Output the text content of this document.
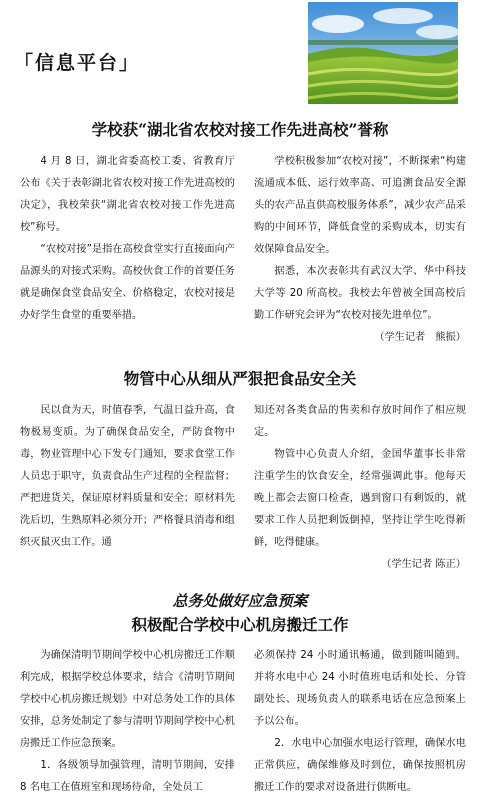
「信息平台」
学校获“湖北省农校对接工作先进高校”誉称

4 月 8 日，湖北省委高校工委、省教育厅公布《关于表彰湖北省农校对接工作先进高校的决定》，我校荣获“湖北省农校对接工作先进高校”称号。

“农校对接”是指在高校食堂实行直接面向产品源头的对接式采购。高校伙食工作的首要任务就是确保食堂食品安全、价格稳定，农校对接是办好学生食堂的重要举措。

学校积极参加“农校对接”，不断探索“构建流通成本低、运行效率高、可追溯食品安全源头的农产品直供高校服务体系”，减少农产品采购的中间环节，降低食堂的采购成本，切实有效保障食品安全。

据悉，本次表彰共有武汉大学、华中科技大学等 20 所高校。我校去年曾被全国高校后勤工作研究会评为“农校对接先进单位”。

（学生记者　熊振）

物管中心从细从严狠把食品安全关

民以食为天，时值春季，气温日益升高，食物极易变质。为了确保食品安全，严防食物中毒，物业管理中心下发专门通知，要求食堂工作人员忠于职守，负责食品生产过程的全程监督；严把进货关，保证原材料质量和安全；原材料先洗后切，生熟原料必须分开；严格餐具消毒和组织灭鼠灭虫工作。通

知还对各类食品的售卖和存放时间作了相应规定。

物管中心负责人介绍，金国华董事长非常注重学生的饮食安全，经常强调此事。他每天晚上都会去窗口检查，遇到窗口有剩饭的，就要求工作人员把剩饭倒掉，坚持让学生吃得新鲜，吃得健康。

（学生记者 陈正）

总务处做好应急预案
积极配合学校中心机房搬迁工作

为确保清明节期间学校中心机房搬迁工作顺利完成，根据学校总体要求，结合《清明节期间学校中心机房搬迁规划》中对总务处工作的具体安排，总务处制定了参与清明节期间学校中心机房搬迁工作应急预案。

1．各级领导加强管理，清明节期间，安排 8 名电工在值班室和现场待命，全处员工

必须保持 24 小时通讯畅通，做到随叫随到。并将水电中心 24 小时值班电话和处长、分管副处长、现场负责人的联系电话在应急预案上予以公布。

2．水电中心加强水电运行管理，确保水电正常供应，确保维修及时到位，确保按照机房搬迁工作的要求对设备进行供断电。
